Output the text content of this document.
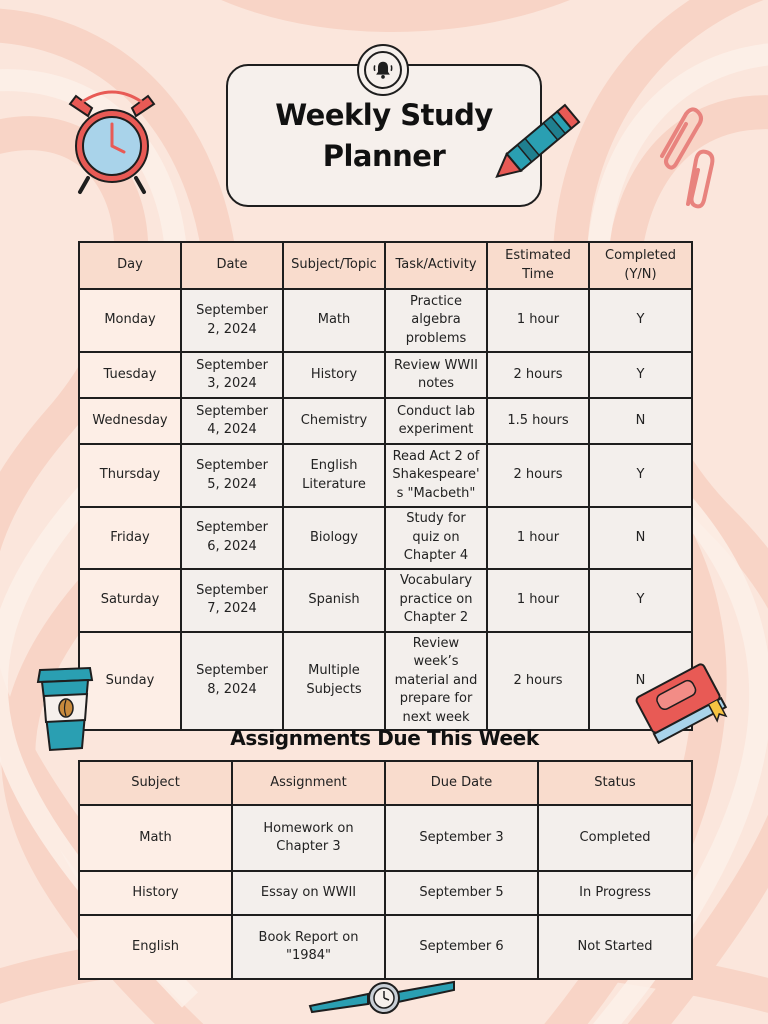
Weekly Study
Planner
Day	Date	Subject/Topic	Task/Activity	Estimated Time	Completed (Y/N)
Monday	September 2, 2024	Math	Practice algebra problems	1 hour	Y
Tuesday	September 3, 2024	History	Review WWII notes	2 hours	Y
Wednesday	September 4, 2024	Chemistry	Conduct lab experiment	1.5 hours	N
Thursday	September 5, 2024	English Literature	Read Act 2 of Shakespeare's "Macbeth"	2 hours	Y
Friday	September 6, 2024	Biology	Study for quiz on Chapter 4	1 hour	N
Saturday	September 7, 2024	Spanish	Vocabulary practice on Chapter 2	1 hour	Y
Sunday	September 8, 2024	Multiple Subjects	Review week’s material and prepare for next week	2 hours	N
Assignments Due This Week
Subject	Assignment	Due Date	Status
Math	Homework on Chapter 3	September 3	Completed
History	Essay on WWII	September 5	In Progress
English	Book Report on "1984"	September 6	Not Started
